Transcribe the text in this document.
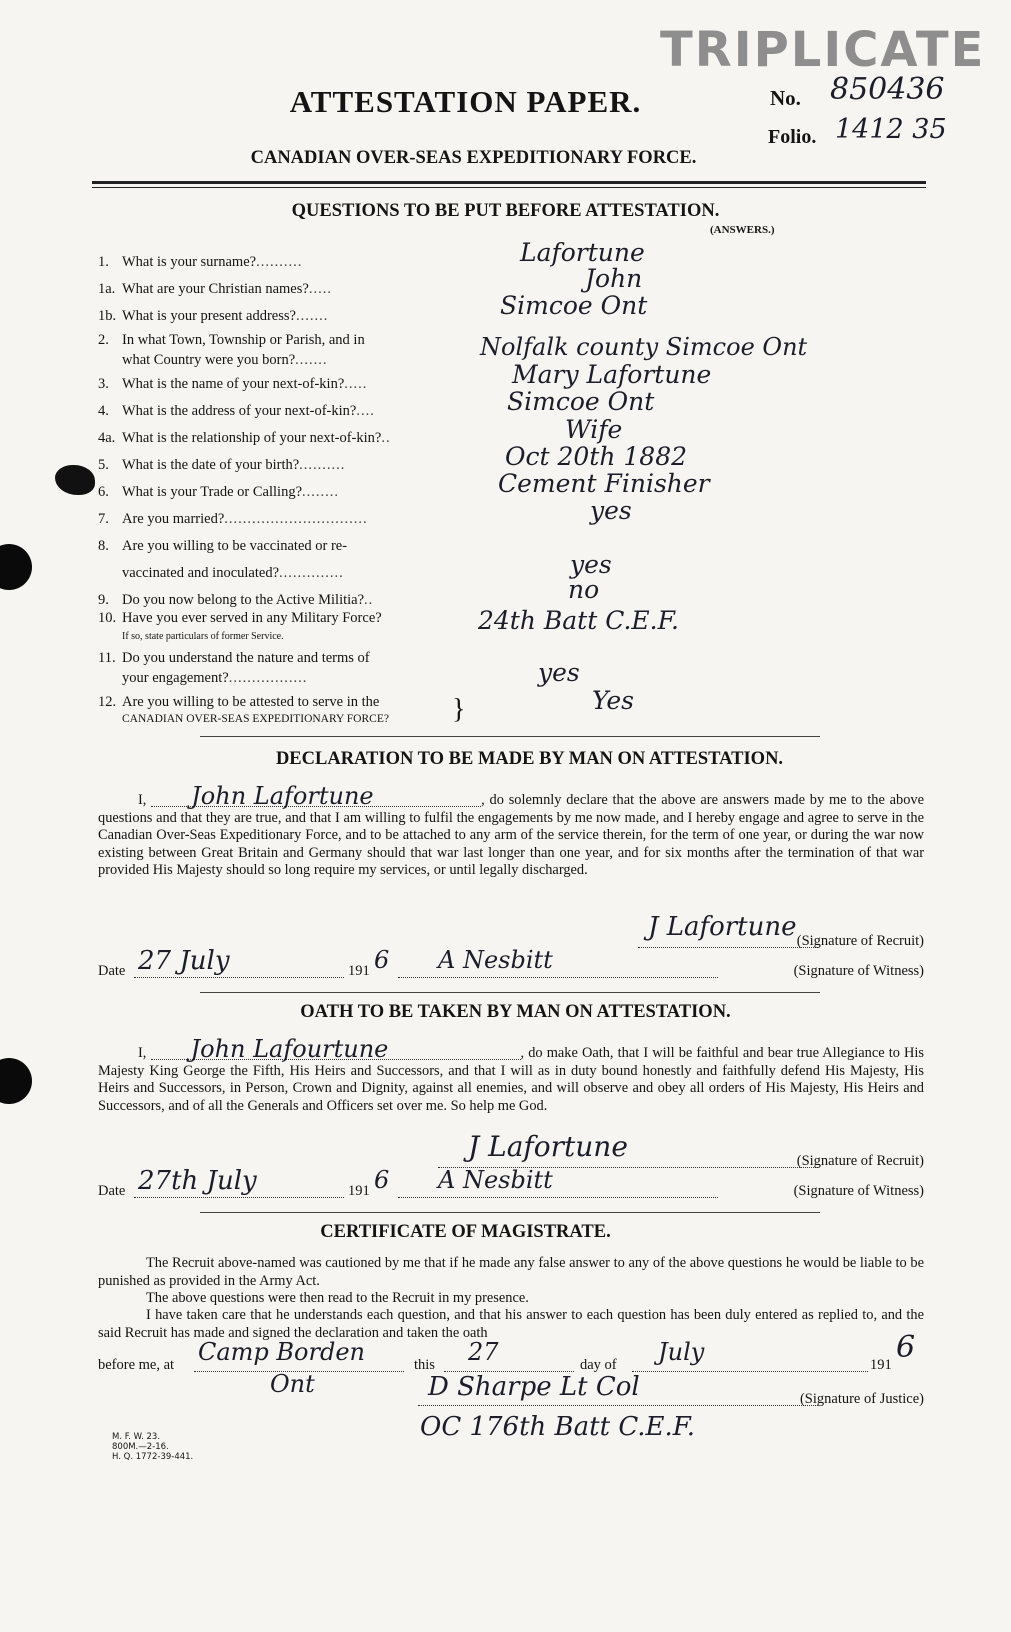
TRIPLICATE
ATTESTATION PAPER.	No. 850436
Folio. 1412 35
CANADIAN OVER-SEAS EXPEDITIONARY FORCE.
QUESTIONS TO BE PUT BEFORE ATTESTATION.
(ANSWERS.)
1. What is your surname?..........	Lafortune
1a. What are your Christian names?.....	John
1b. What is your present address?.......	Simcoe Ont
2. In what Town, Township or Parish, and in
what Country were you born?.......	Nolfalk county Simcoe Ont
3. What is the name of your next-of-kin?.....	Mary Lafortune
4. What is the address of your next-of-kin?....	Simcoe Ont
4a. What is the relationship of your next-of-kin?..	Wife
5. What is the date of your birth?..........	Oct 20th 1882
6. What is your Trade or Calling?........	Cement Finisher
7. Are you married?...............................	yes
8. Are you willing to be vaccinated or re-
vaccinated and inoculated?..............	yes
9. Do you now belong to the Active Militia?..	no
10. Have you ever served in any Military Force?
If so, state particulars of former Service.
24th Batt C.E.F.
11. Do you understand the nature and terms of
your engagement?.................	yes
12. Are you willing to be attested to serve in the
CANADIAN OVER-SEAS EXPEDITIONARY FORCE?
Yes
}
DECLARATION TO BE MADE BY MAN ON ATTESTATION.
I, John Lafortune	, do solemnly declare that the above are answers made by me to the above questions and that they are true, and that I am willing to fulfil the engagements by me now made, and I hereby engage and agree to serve in the Canadian Over-Seas Expeditionary Force, and to be attached to any arm of the service therein, for the term of one year, or during the war now existing between Great Britain and Germany should that war last longer than one year, and for six months after the termination of that war provided His Majesty should so long require my services, or until legally discharged.
J Lafortune (Signature of Recruit)
Date 27 July	191 6 A Nesbitt	(Signature of Witness)
OATH TO BE TAKEN BY MAN ON ATTESTATION.
I, John Lafourtune	, do make Oath, that I will be faithful and bear true Allegiance to His Majesty King George the Fifth, His Heirs and Successors, and that I will as in duty bound honestly and faithfully defend His Majesty, His Heirs and Successors, in Person, Crown and Dignity, against all enemies, and will observe and obey all orders of His Majesty, His Heirs and Successors, and of all the Generals and Officers set over me. So help me God.
J Lafortune	(Signature of Recruit)
Date 27th July	191 6 A Nesbitt	(Signature of Witness)
CERTIFICATE OF MAGISTRATE.
The Recruit above-named was cautioned by me that if he made any false answer to any of the above questions he would be liable to be punished as provided in the Army Act.
The above questions were then read to the Recruit in my presence.
I have taken care that he understands each question, and that his answer to each question has been duly entered as replied to, and the said Recruit has made and signed the declaration and taken the oath
before me, at Camp Borden	this 27	day of July	191 6
Ont	D Sharpe Lt Col	(Signature of Justice)
OC 176th Batt C.E.F.
M. F. W. 23.
800M.—2-16.
H. Q. 1772-39-441.
